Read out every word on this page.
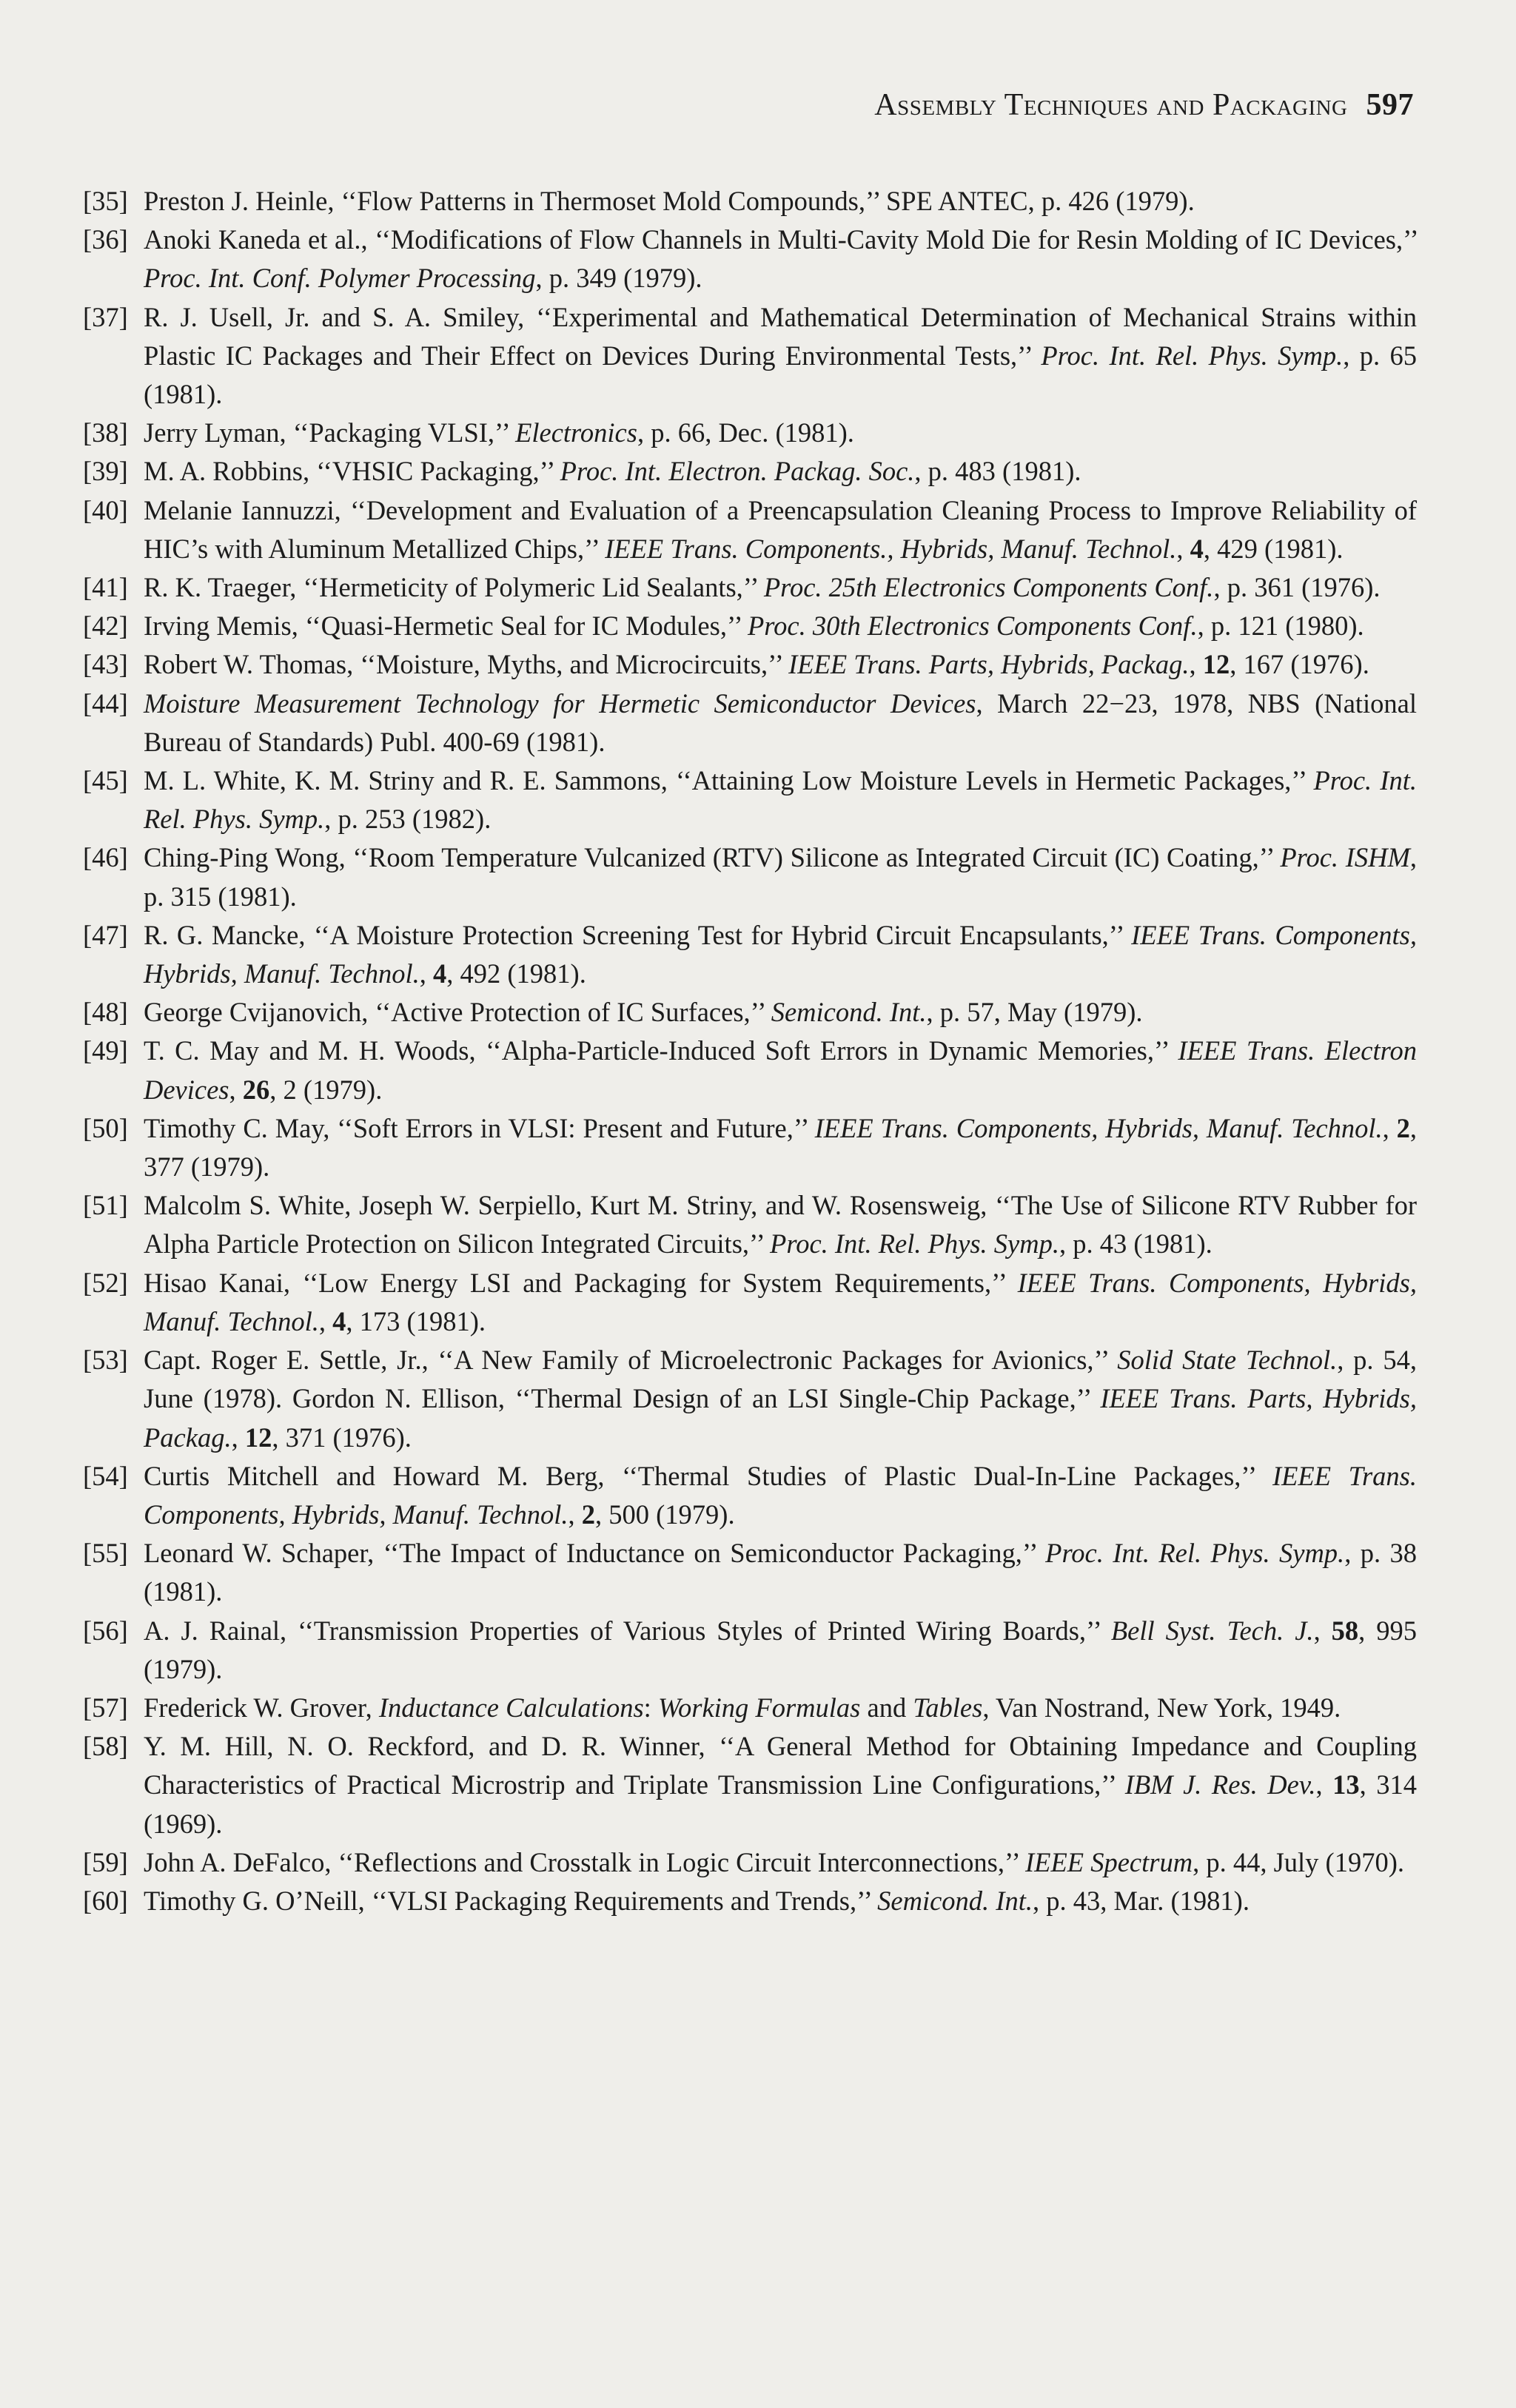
Assembly Techniques and Packaging 597
[35] Preston J. Heinle, ‘‘Flow Patterns in Thermoset Mold Compounds,’’ SPE ANTEC, p. 426 (1979).
[36] Anoki Kaneda et al., ‘‘Modifications of Flow Channels in Multi-Cavity Mold Die for Resin Molding of IC Devices,’’ Proc. Int. Conf. Polymer Processing, p. 349 (1979).
[37] R. J. Usell, Jr. and S. A. Smiley, ‘‘Experimental and Mathematical Determination of Mechanical Strains within Plastic IC Packages and Their Effect on Devices During Environmental Tests,’’ Proc. Int. Rel. Phys. Symp., p. 65 (1981).
[38] Jerry Lyman, ‘‘Packaging VLSI,’’ Electronics, p. 66, Dec. (1981).
[39] M. A. Robbins, ‘‘VHSIC Packaging,’’ Proc. Int. Electron. Packag. Soc., p. 483 (1981).
[40] Melanie Iannuzzi, ‘‘Development and Evaluation of a Preencapsulation Cleaning Process to Improve Reliability of HIC’s with Aluminum Metallized Chips,’’ IEEE Trans. Components., Hybrids, Manuf. Technol., 4, 429 (1981).
[41] R. K. Traeger, ‘‘Hermeticity of Polymeric Lid Sealants,’’ Proc. 25th Electronics Components Conf., p. 361 (1976).
[42] Irving Memis, ‘‘Quasi-Hermetic Seal for IC Modules,’’ Proc. 30th Electronics Components Conf., p. 121 (1980).
[43] Robert W. Thomas, ‘‘Moisture, Myths, and Microcircuits,’’ IEEE Trans. Parts, Hybrids, Packag., 12, 167 (1976).
[44] Moisture Measurement Technology for Hermetic Semiconductor Devices, March 22−23, 1978, NBS (National Bureau of Standards) Publ. 400-69 (1981).
[45] M. L. White, K. M. Striny and R. E. Sammons, ‘‘Attaining Low Moisture Levels in Hermetic Packages,’’ Proc. Int. Rel. Phys. Symp., p. 253 (1982).
[46] Ching-Ping Wong, ‘‘Room Temperature Vulcanized (RTV) Silicone as Integrated Circuit (IC) Coating,’’ Proc. ISHM, p. 315 (1981).
[47] R. G. Mancke, ‘‘A Moisture Protection Screening Test for Hybrid Circuit Encapsulants,’’ IEEE Trans. Components, Hybrids, Manuf. Technol., 4, 492 (1981).
[48] George Cvijanovich, ‘‘Active Protection of IC Surfaces,’’ Semicond. Int., p. 57, May (1979).
[49] T. C. May and M. H. Woods, ‘‘Alpha-Particle-Induced Soft Errors in Dynamic Memories,’’ IEEE Trans. Electron Devices, 26, 2 (1979).
[50] Timothy C. May, ‘‘Soft Errors in VLSI: Present and Future,’’ IEEE Trans. Components, Hybrids, Manuf. Technol., 2, 377 (1979).
[51] Malcolm S. White, Joseph W. Serpiello, Kurt M. Striny, and W. Rosensweig, ‘‘The Use of Silicone RTV Rubber for Alpha Particle Protection on Silicon Integrated Circuits,’’ Proc. Int. Rel. Phys. Symp., p. 43 (1981).
[52] Hisao Kanai, ‘‘Low Energy LSI and Packaging for System Requirements,’’ IEEE Trans. Components, Hybrids, Manuf. Technol., 4, 173 (1981).
[53] Capt. Roger E. Settle, Jr., ‘‘A New Family of Microelectronic Packages for Avionics,’’ Solid State Technol., p. 54, June (1978). Gordon N. Ellison, ‘‘Thermal Design of an LSI Single-Chip Package,’’ IEEE Trans. Parts, Hybrids, Packag., 12, 371 (1976).
[54] Curtis Mitchell and Howard M. Berg, ‘‘Thermal Studies of Plastic Dual-In-Line Packages,’’ IEEE Trans. Components, Hybrids, Manuf. Technol., 2, 500 (1979).
[55] Leonard W. Schaper, ‘‘The Impact of Inductance on Semiconductor Packaging,’’ Proc. Int. Rel. Phys. Symp., p. 38 (1981).
[56] A. J. Rainal, ‘‘Transmission Properties of Various Styles of Printed Wiring Boards,’’ Bell Syst. Tech. J., 58, 995 (1979).
[57] Frederick W. Grover, Inductance Calculations: Working Formulas and Tables, Van Nostrand, New York, 1949.
[58] Y. M. Hill, N. O. Reckford, and D. R. Winner, ‘‘A General Method for Obtaining Impedance and Coupling Characteristics of Practical Microstrip and Triplate Transmission Line Configurations,’’ IBM J. Res. Dev., 13, 314 (1969).
[59] John A. DeFalco, ‘‘Reflections and Crosstalk in Logic Circuit Interconnections,’’ IEEE Spectrum, p. 44, July (1970).
[60] Timothy G. O’Neill, ‘‘VLSI Packaging Requirements and Trends,’’ Semicond. Int., p. 43, Mar. (1981).
